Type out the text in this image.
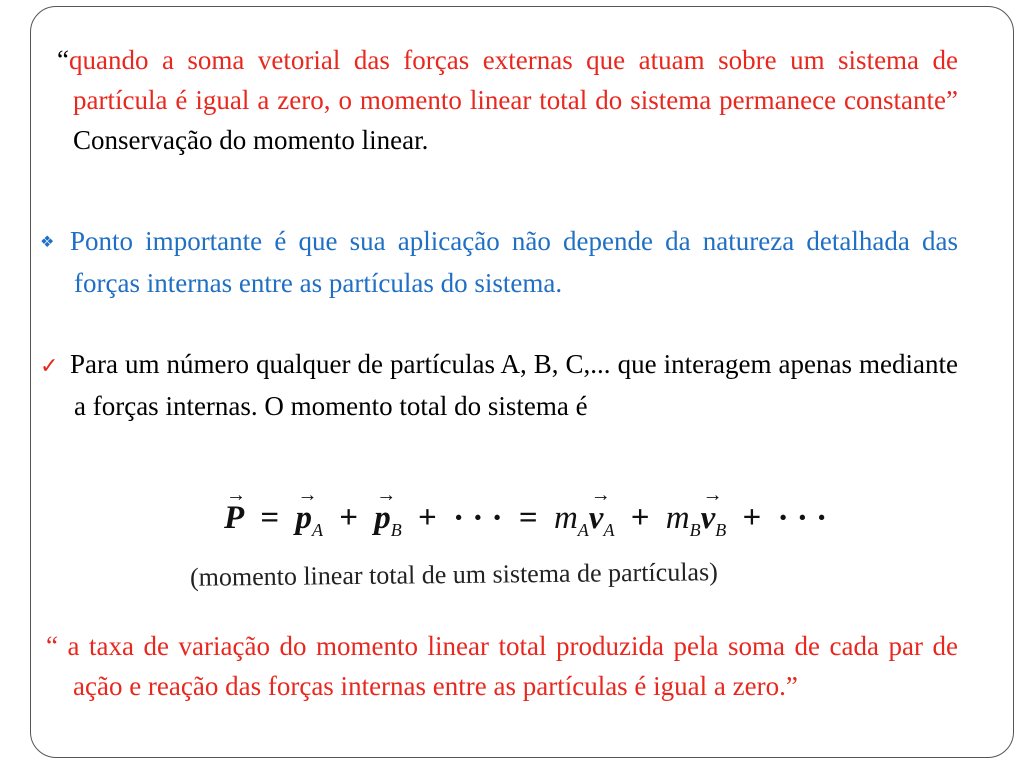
“quando a soma vetorial das forças externas que atuam sobre um sistema de partícula é igual a zero, o momento linear total do sistema permanece constante” Conservação do momento linear.
❖ Ponto importante é que sua aplicação não depende da natureza detalhada das forças internas entre as partículas do sistema.
✓ Para um número qualquer de partículas A, B, C,... que interagem apenas mediante a forças internas. O momento total do sistema é
→ P = → $p_A$ + → $p_B$ + · · · = $m_A\to v_A + m_B\to v_B$ + · · ·
(momento linear total de um sistema de partículas)
“ a taxa de variação do momento linear total produzida pela soma de cada par de ação e reação das forças internas entre as partículas é igual a zero.”
